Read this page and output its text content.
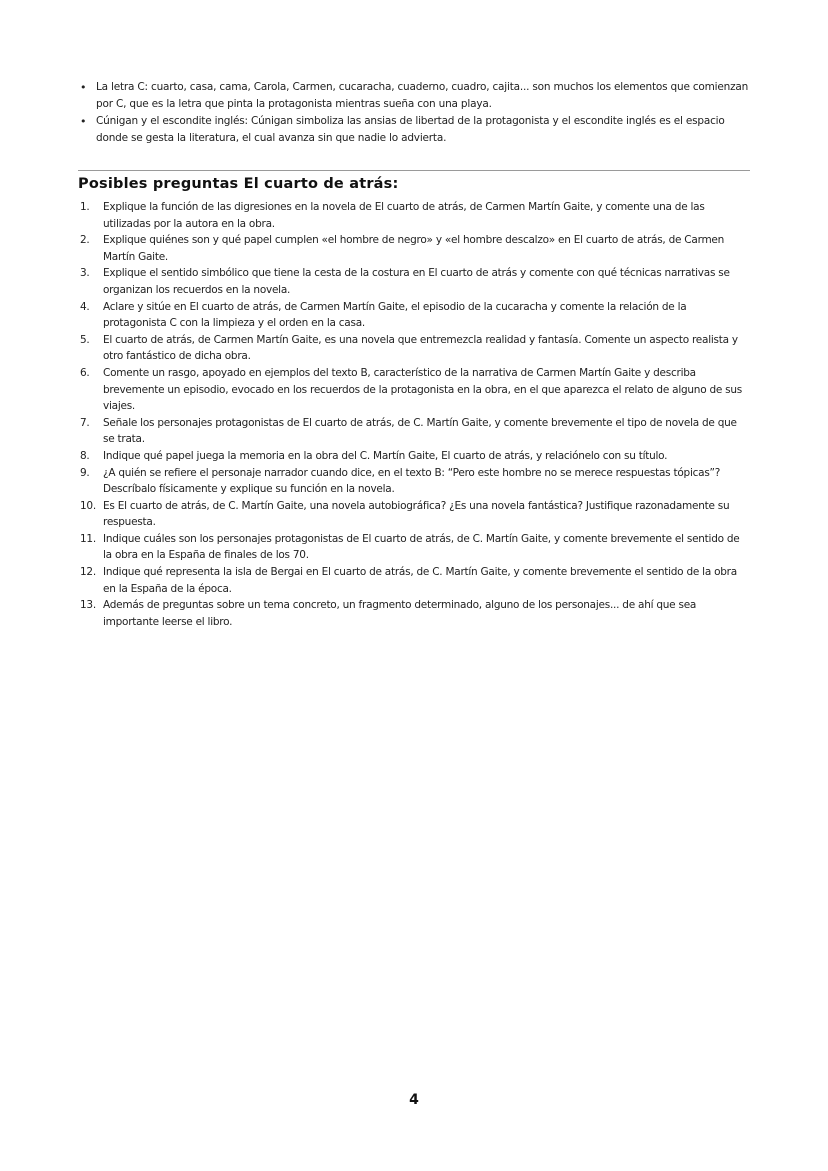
• La letra C: cuarto, casa, cama, Carola, Carmen, cucaracha, cuaderno, cuadro, cajita... son muchos los elementos que comienzan por C, que es la letra que pinta la protagonista mientras sueña con una playa.
• Cúnigan y el escondite inglés: Cúnigan simboliza las ansias de libertad de la protagonista y el escondite inglés es el espacio donde se gesta la literatura, el cual avanza sin que nadie lo advierta.
Posibles preguntas El cuarto de atrás:
1.	Explique la función de las digresiones en la novela de El cuarto de atrás, de Carmen Martín Gaite, y comente una de las utilizadas por la autora en la obra.
2.	Explique quiénes son y qué papel cumplen «el hombre de negro» y «el hombre descalzo» en El cuarto de atrás, de Carmen Martín Gaite.
3.	Explique el sentido simbólico que tiene la cesta de la costura en El cuarto de atrás y comente con qué técnicas narrativas se organizan los recuerdos en la novela.
4.	Aclare y sitúe en El cuarto de atrás, de Carmen Martín Gaite, el episodio de la cucaracha y comente la relación de la protagonista C con la limpieza y el orden en la casa.
5.	El cuarto de atrás, de Carmen Martín Gaite, es una novela que entremezcla realidad y fantasía. Comente un aspecto realista y otro fantástico de dicha obra.
6.	Comente un rasgo, apoyado en ejemplos del texto B, característico de la narrativa de Carmen Martín Gaite y describa brevemente un episodio, evocado en los recuerdos de la protagonista en la obra, en el que aparezca el relato de alguno de sus viajes.
7.	Señale los personajes protagonistas de El cuarto de atrás, de C. Martín Gaite, y comente brevemente el tipo de novela de que se trata.
8.	Indique qué papel juega la memoria en la obra del C. Martín Gaite, El cuarto de atrás, y relaciónelo con su título.
9.	¿A quién se refiere el personaje narrador cuando dice, en el texto B: “Pero este hombre no se merece respuestas tópicas”? Descríbalo físicamente y explique su función en la novela.
10. Es El cuarto de atrás, de C. Martín Gaite, una novela autobiográfica? ¿Es una novela fantástica? Justifique razonadamente su respuesta.
11. Indique cuáles son los personajes protagonistas de El cuarto de atrás, de C. Martín Gaite, y comente brevemente el sentido de la obra en la España de finales de los 70.
12. Indique qué representa la isla de Bergai en El cuarto de atrás, de C. Martín Gaite, y comente brevemente el sentido de la obra en la España de la época.
13. Además de preguntas sobre un tema concreto, un fragmento determinado, alguno de los personajes... de ahí que sea importante leerse el libro.
4
